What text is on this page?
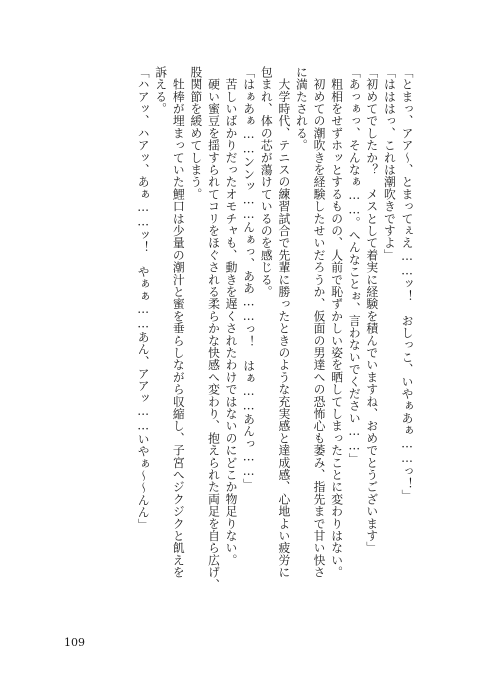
「とまっ、アア〜、とまってぇえ……ッ！　おしっこ、いやぁあぁ……っ！」
「はははっ、これは潮吹きですよ」
「初めてでしたか？　メスとして着実に経験を積んでいますね、おめでとうございます」
「あっぁっ、そんなぁ……。へんなことぉ、言わないでください……」
　粗相をせずホッとするものの、人前で恥ずかしい姿を晒してしまったことに変わりはない。
　初めての潮吹きを経験したせいだろうか、仮面の男達への恐怖心も萎み、指先まで甘い快さ
に満たされる。
　大学時代、テニスの練習試合で先輩に勝ったときのような充実感と達成感、心地よい疲労に
包まれ、体の芯が蕩けているのを感じる。
「はぁあぁ……ンンッ……んぁっ、ああ……っ！　はぁ……あんっ……」
　苦しいばかりだったオモチャも、動きを遅くされたわけではないのにどこか物足りない。
　硬い蜜豆を揺すられてコリをほぐされる柔らかな快感へ変わり、抱えられた両足を自ら広げ、
股関節を緩めてしまう。
　牡棒が埋まっていた鯉口は少量の潮汁と蜜を垂らしながら収縮し、子宮へジクジクと飢えを
訴える。
「ハアッ、ハアッ、あぁ……ッ！　やぁぁ……あん、アアッ……いやぁ〜〜んん」
109
